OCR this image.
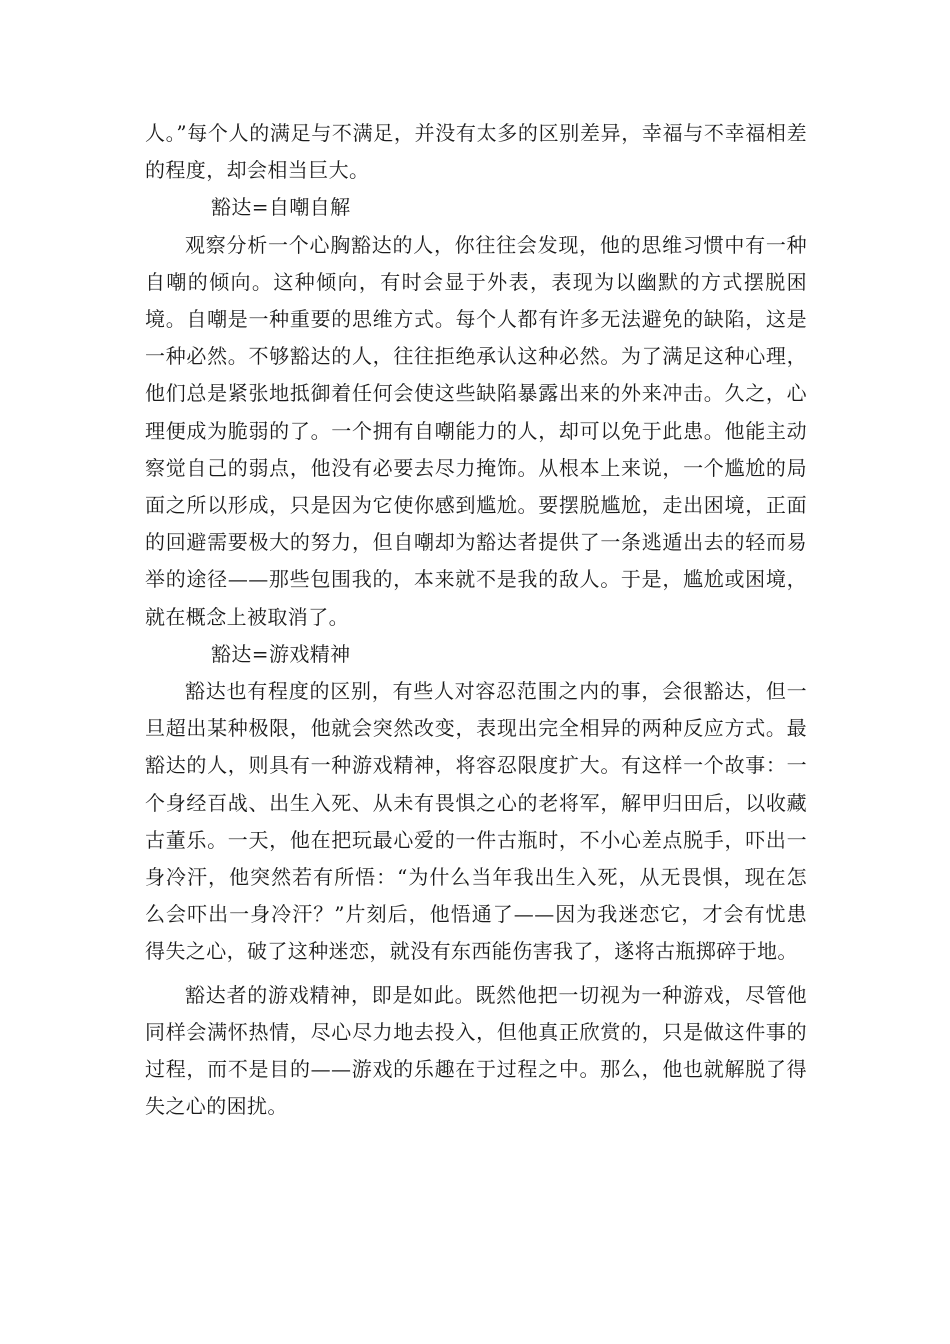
人。”每个人的满足与不满足，并没有太多的区别差异，幸福与不幸福相差的程度，却会相当巨大。

豁达=自嘲自解

观察分析一个心胸豁达的人，你往往会发现，他的思维习惯中有一种自嘲的倾向。这种倾向，有时会显于外表，表现为以幽默的方式摆脱困境。自嘲是一种重要的思维方式。每个人都有许多无法避免的缺陷，这是一种必然。不够豁达的人，往往拒绝承认这种必然。为了满足这种心理，他们总是紧张地抵御着任何会使这些缺陷暴露出来的外来冲击。久之，心理便成为脆弱的了。一个拥有自嘲能力的人，却可以免于此患。他能主动察觉自己的弱点，他没有必要去尽力掩饰。从根本上来说，一个尴尬的局面之所以形成，只是因为它使你感到尴尬。要摆脱尴尬，走出困境，正面的回避需要极大的努力，但自嘲却为豁达者提供了一条逃遁出去的轻而易举的途径——那些包围我的，本来就不是我的敌人。于是，尴尬或困境，就在概念上被取消了。

豁达=游戏精神

豁达也有程度的区别，有些人对容忍范围之内的事，会很豁达，但一旦超出某种极限，他就会突然改变，表现出完全相异的两种反应方式。最豁达的人，则具有一种游戏精神，将容忍限度扩大。有这样一个故事：一个身经百战、出生入死、从未有畏惧之心的老将军，解甲归田后，以收藏古董乐。一天，他在把玩最心爱的一件古瓶时，不小心差点脱手，吓出一身冷汗，他突然若有所悟：“为什么当年我出生入死，从无畏惧，现在怎么会吓出一身冷汗？”片刻后，他悟通了——因为我迷恋它，才会有忧患得失之心，破了这种迷恋，就没有东西能伤害我了，遂将古瓶掷碎于地。

豁达者的游戏精神，即是如此。既然他把一切视为一种游戏，尽管他同样会满怀热情，尽心尽力地去投入，但他真正欣赏的，只是做这件事的过程，而不是目的——游戏的乐趣在于过程之中。那么，他也就解脱了得失之心的困扰。
